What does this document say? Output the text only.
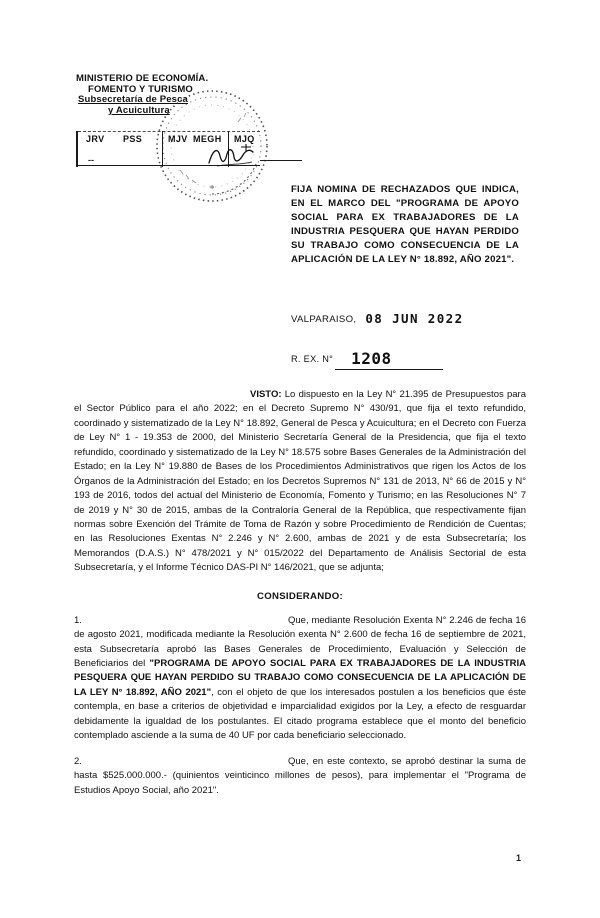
MINISTERIO DE ECONOMÍA.
FOMENTO Y TURISMO
Subsecretaría de Pesca
y Acuicultura
JRV PSS	MJV MEGH MJQ
--
✻	FIJA NOMINA DE RECHAZADOS QUE INDICA, EN EL MARCO DEL "PROGRAMA DE APOYO SOCIAL PARA EX TRABAJADORES DE LA INDUSTRIA PESQUERA QUE HAYAN PERDIDO SU TRABAJO COMO CONSECUENCIA DE LA APLICACIÓN DE LA LEY N° 18.892, AÑO 2021".
VALPARAISO, 08 JUN 2022
R. EX. N° 1208

VISTO: Lo dispuesto en la Ley N° 21.395 de Presupuestos para el Sector Público para el año 2022; en el Decreto Supremo N° 430/91, que fija el texto refundido, coordinado y sistematizado de la Ley N° 18.892, General de Pesca y Acuicultura; en el Decreto con Fuerza de Ley N° 1 - 19.353 de 2000, del Ministerio Secretaría General de la Presidencia, que fija el texto refundido, coordinado y sistematizado de la Ley N° 18.575 sobre Bases Generales de la Administración del Estado; en la Ley N° 19.880 de Bases de los Procedimientos Administrativos que rigen los Actos de los Órganos de la Administración del Estado; en los Decretos Supremos N° 131 de 2013, N° 66 de 2015 y N° 193 de 2016, todos del actual del Ministerio de Economía, Fomento y Turismo; en las Resoluciones N° 7 de 2019 y N° 30 de 2015, ambas de la Contraloría General de la República, que respectivamente fijan normas sobre Exención del Trámite de Toma de Razón y sobre Procedimiento de Rendición de Cuentas; en las Resoluciones Exentas N° 2.246 y N° 2.600, ambas de 2021 y de esta Subsecretaría; los Memorandos (D.A.S.) N° 478/2021 y N° 015/2022 del Departamento de Análisis Sectorial de esta Subsecretaría, y el Informe Técnico DAS-PI N° 146/2021, que se adjunta;

CONSIDERANDO:

1.	Que, mediante Resolución Exenta N° 2.246 de fecha 16 de agosto 2021, modificada mediante la Resolución exenta N° 2.600 de fecha 16 de septiembre de 2021, esta Subsecretaría aprobó las Bases Generales de Procedimiento, Evaluación y Selección de Beneficiarios del "PROGRAMA DE APOYO SOCIAL PARA EX TRABAJADORES DE LA INDUSTRIA PESQUERA QUE HAYAN PERDIDO SU TRABAJO COMO CONSECUENCIA DE LA APLICACIÓN DE LA LEY N° 18.892, AÑO 2021", con el objeto de que los interesados postulen a los beneficios que éste contempla, en base a criterios de objetividad e imparcialidad exigidos por la Ley, a efecto de resguardar debidamente la igualdad de los postulantes. El citado programa establece que el monto del beneficio contemplado asciende a la suma de 40 UF por cada beneficiario seleccionado.

2.	Que, en este contexto, se aprobó destinar la suma de hasta $525.000.000.- (quinientos veinticinco millones de pesos), para implementar el "Programa de Estudios Apoyo Social, año 2021".

1
